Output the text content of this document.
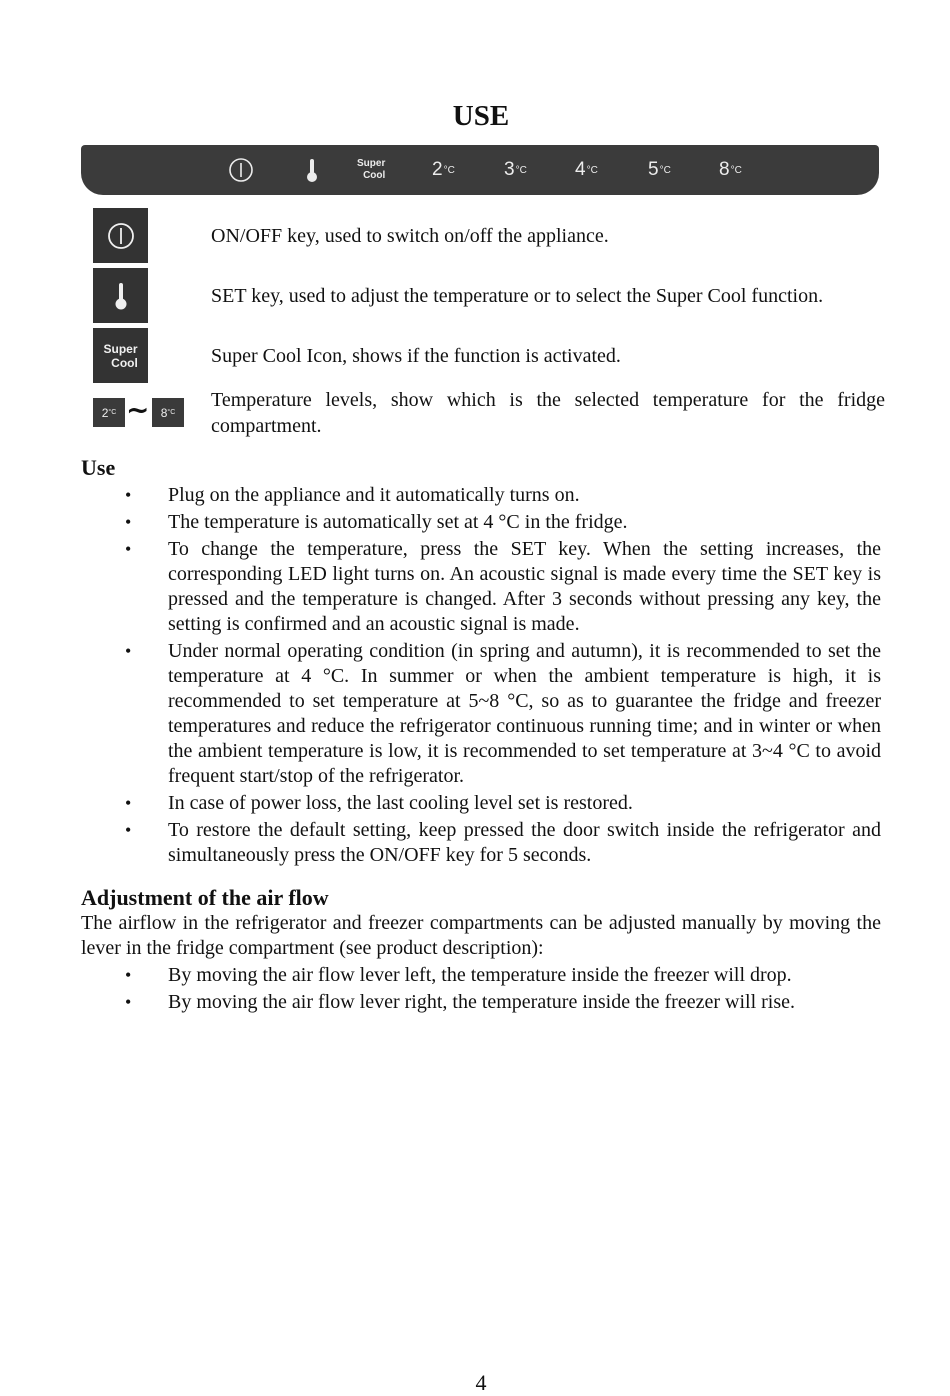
USE
Super
Cool 2 °C	3 °C	4 °C	5 °C	8 °C
Super
Cool
2 °C ~ 8 °C
ON/OFF key, used to switch on/off the appliance.
SET key, used to adjust the temperature or to select the Super Cool function.
Super Cool Icon, shows if the function is activated.
Temperature levels, show which is the selected temperature for the fridge compartment.
Use
• Plug on the appliance and it automatically turns on.
• The temperature is automatically set at 4 °C in the fridge.
• To change the temperature, press the SET key. When the setting increases, the corresponding LED light turns on. An acoustic signal is made every time the SET key is pressed and the temperature is changed. After 3 seconds without pressing any key, the setting is confirmed and an acoustic signal is made.
• Under normal operating condition (in spring and autumn), it is recommended to set the temperature at 4 °C. In summer or when the ambient temperature is high, it is recommended to set temperature at 5~8 °C, so as to guarantee the fridge and freezer temperatures and reduce the refrigerator continuous running time; and in winter or when the ambient temperature is low, it is recommended to set temperature at 3~4 °C to avoid frequent start/stop of the refrigerator.
• In case of power loss, the last cooling level set is restored.
• To restore the default setting, keep pressed the door switch inside the refrigerator and simultaneously press the ON/OFF key for 5 seconds.
Adjustment of the air flow
The airflow in the refrigerator and freezer compartments can be adjusted manually by moving the lever in the fridge compartment (see product description):
• By moving the air flow lever left, the temperature inside the freezer will drop.
• By moving the air flow lever right, the temperature inside the freezer will rise.
4
